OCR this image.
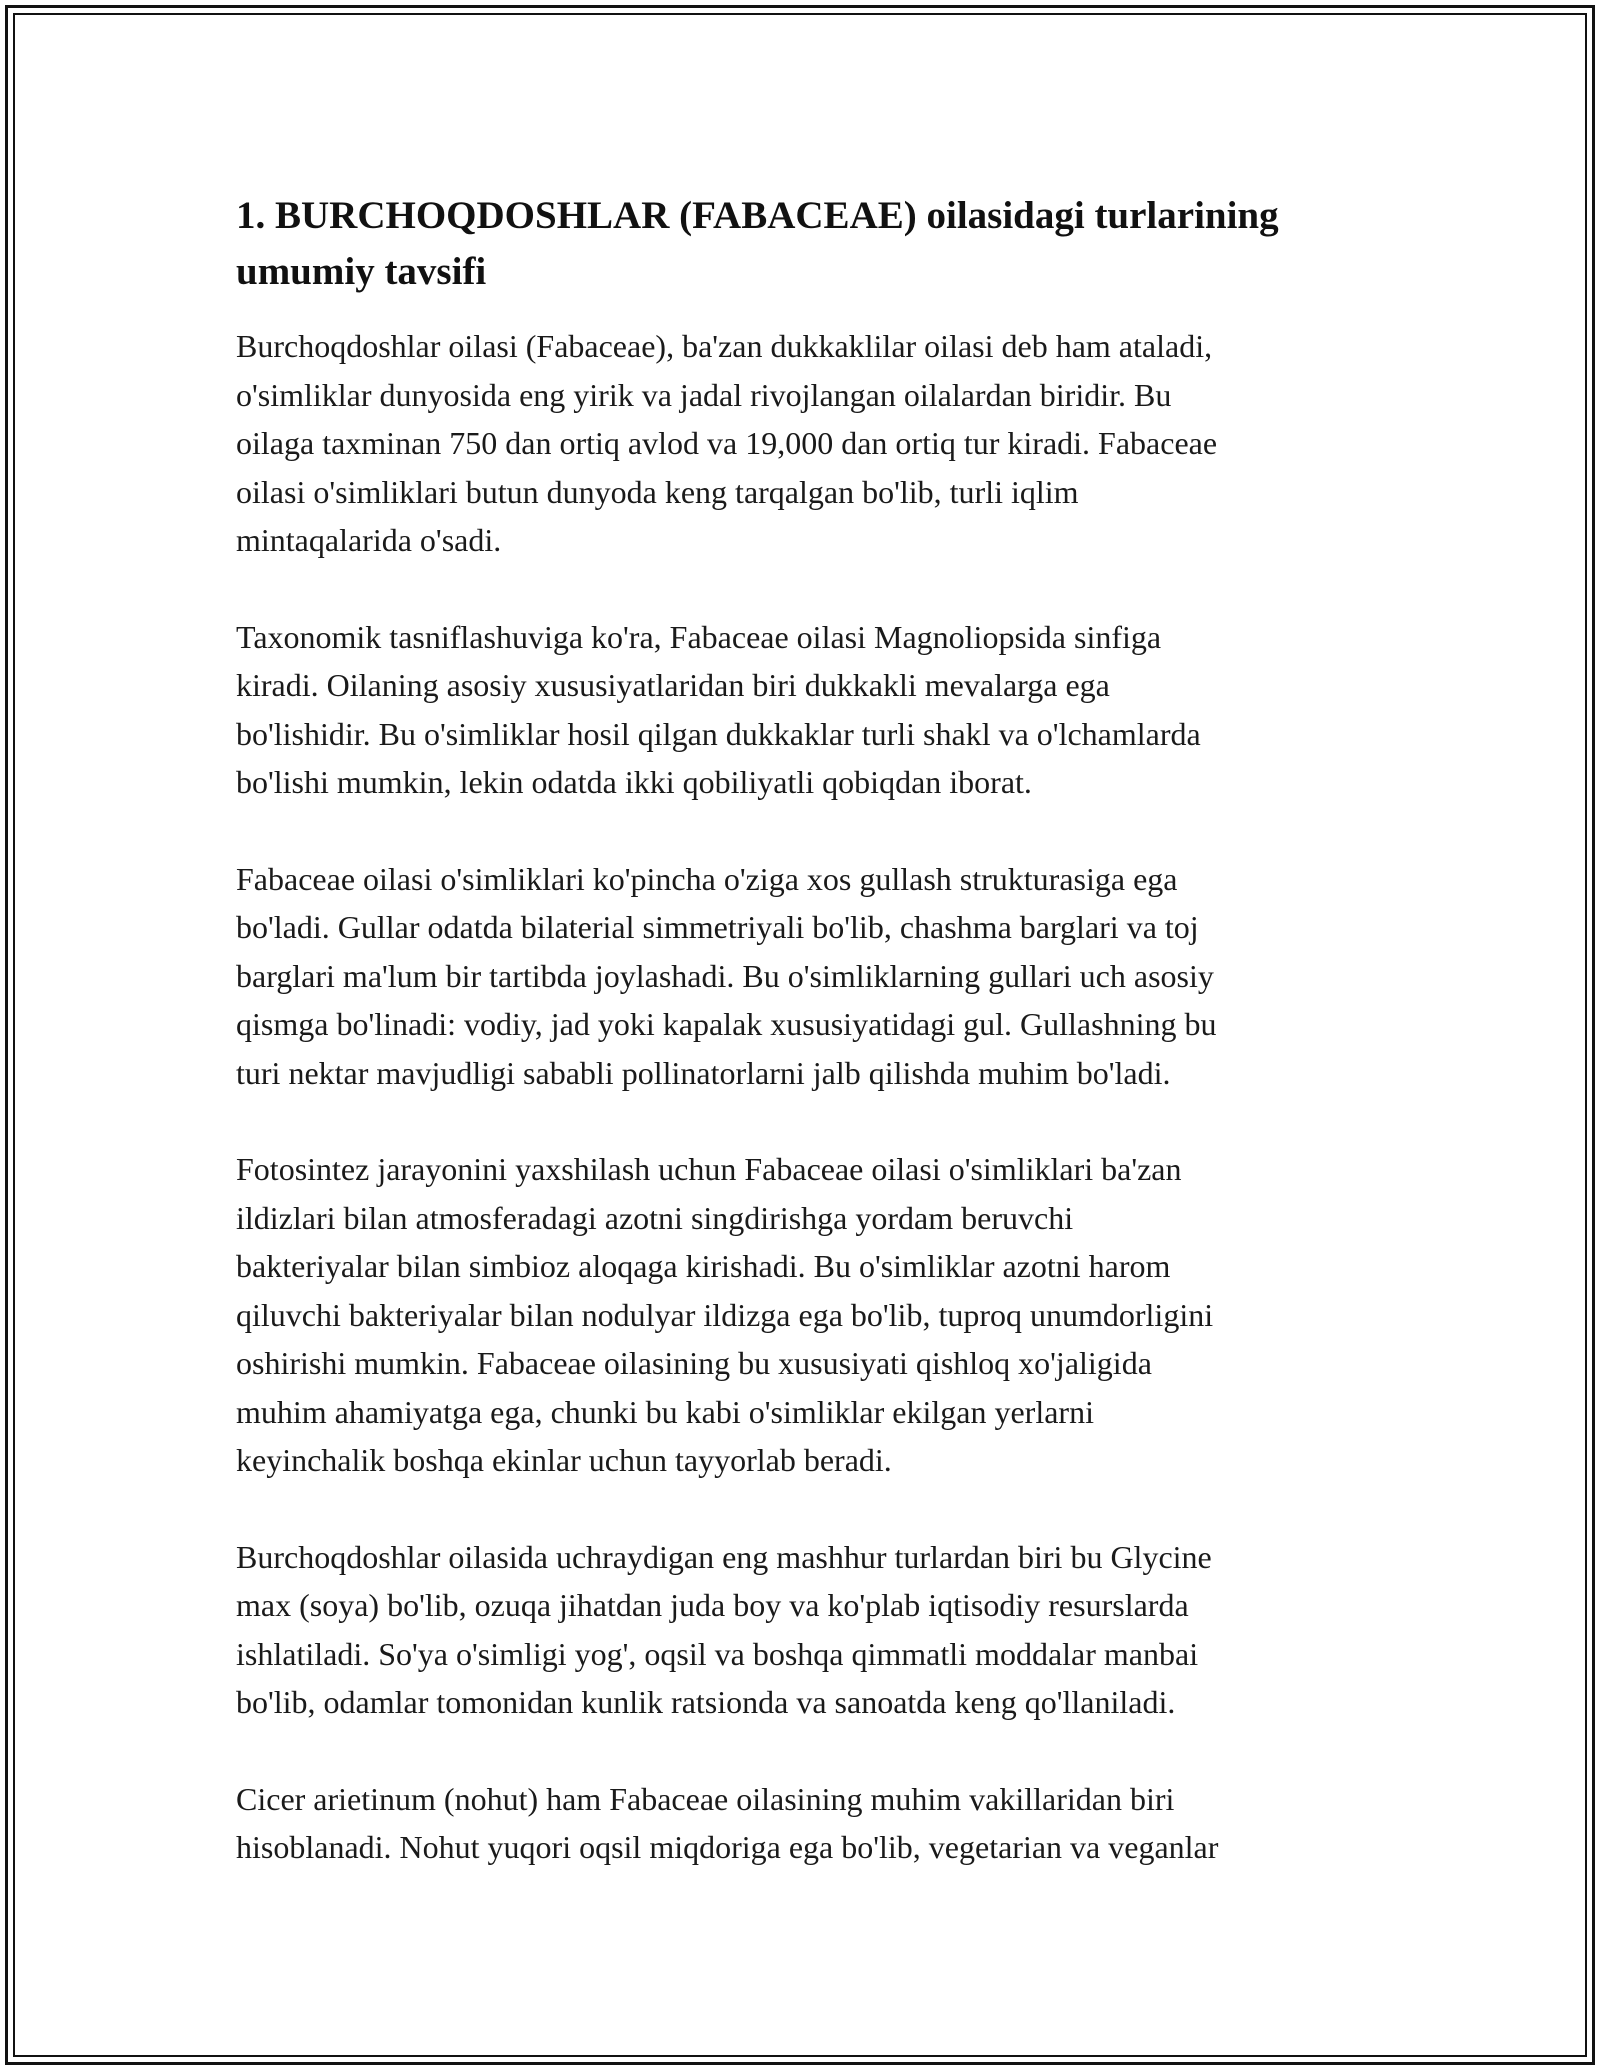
1. BURCHOQDOSHLAR (FABACEAE) oilasidagi turlarining
umumiy tavsifi

Burchoqdoshlar oilasi (Fabaceae), ba'zan dukkaklilar oilasi deb ham ataladi,
o'simliklar dunyosida eng yirik va jadal rivojlangan oilalardan biridir. Bu
oilaga taxminan 750 dan ortiq avlod va 19,000 dan ortiq tur kiradi. Fabaceae
oilasi o'simliklari butun dunyoda keng tarqalgan bo'lib, turli iqlim
mintaqalarida o'sadi.

Taxonomik tasniflashuviga ko'ra, Fabaceae oilasi Magnoliopsida sinfiga
kiradi. Oilaning asosiy xususiyatlaridan biri dukkakli mevalarga ega
bo'lishidir. Bu o'simliklar hosil qilgan dukkaklar turli shakl va o'lchamlarda
bo'lishi mumkin, lekin odatda ikki qobiliyatli qobiqdan iborat.

Fabaceae oilasi o'simliklari ko'pincha o'ziga xos gullash strukturasiga ega
bo'ladi. Gullar odatda bilaterial simmetriyali bo'lib, chashma barglari va toj
barglari ma'lum bir tartibda joylashadi. Bu o'simliklarning gullari uch asosiy
qismga bo'linadi: vodiy, jad yoki kapalak xususiyatidagi gul. Gullashning bu
turi nektar mavjudligi sababli pollinatorlarni jalb qilishda muhim bo'ladi.

Fotosintez jarayonini yaxshilash uchun Fabaceae oilasi o'simliklari ba'zan
ildizlari bilan atmosferadagi azotni singdirishga yordam beruvchi
bakteriyalar bilan simbioz aloqaga kirishadi. Bu o'simliklar azotni harom
qiluvchi bakteriyalar bilan nodulyar ildizga ega bo'lib, tuproq unumdorligini
oshirishi mumkin. Fabaceae oilasining bu xususiyati qishloq xo'jaligida
muhim ahamiyatga ega, chunki bu kabi o'simliklar ekilgan yerlarni
keyinchalik boshqa ekinlar uchun tayyorlab beradi.

Burchoqdoshlar oilasida uchraydigan eng mashhur turlardan biri bu Glycine
max (soya) bo'lib, ozuqa jihatdan juda boy va ko'plab iqtisodiy resurslarda
ishlatiladi. So'ya o'simligi yog', oqsil va boshqa qimmatli moddalar manbai
bo'lib, odamlar tomonidan kunlik ratsionda va sanoatda keng qo'llaniladi.

Cicer arietinum (nohut) ham Fabaceae oilasining muhim vakillaridan biri
hisoblanadi. Nohut yuqori oqsil miqdoriga ega bo'lib, vegetarian va veganlar
